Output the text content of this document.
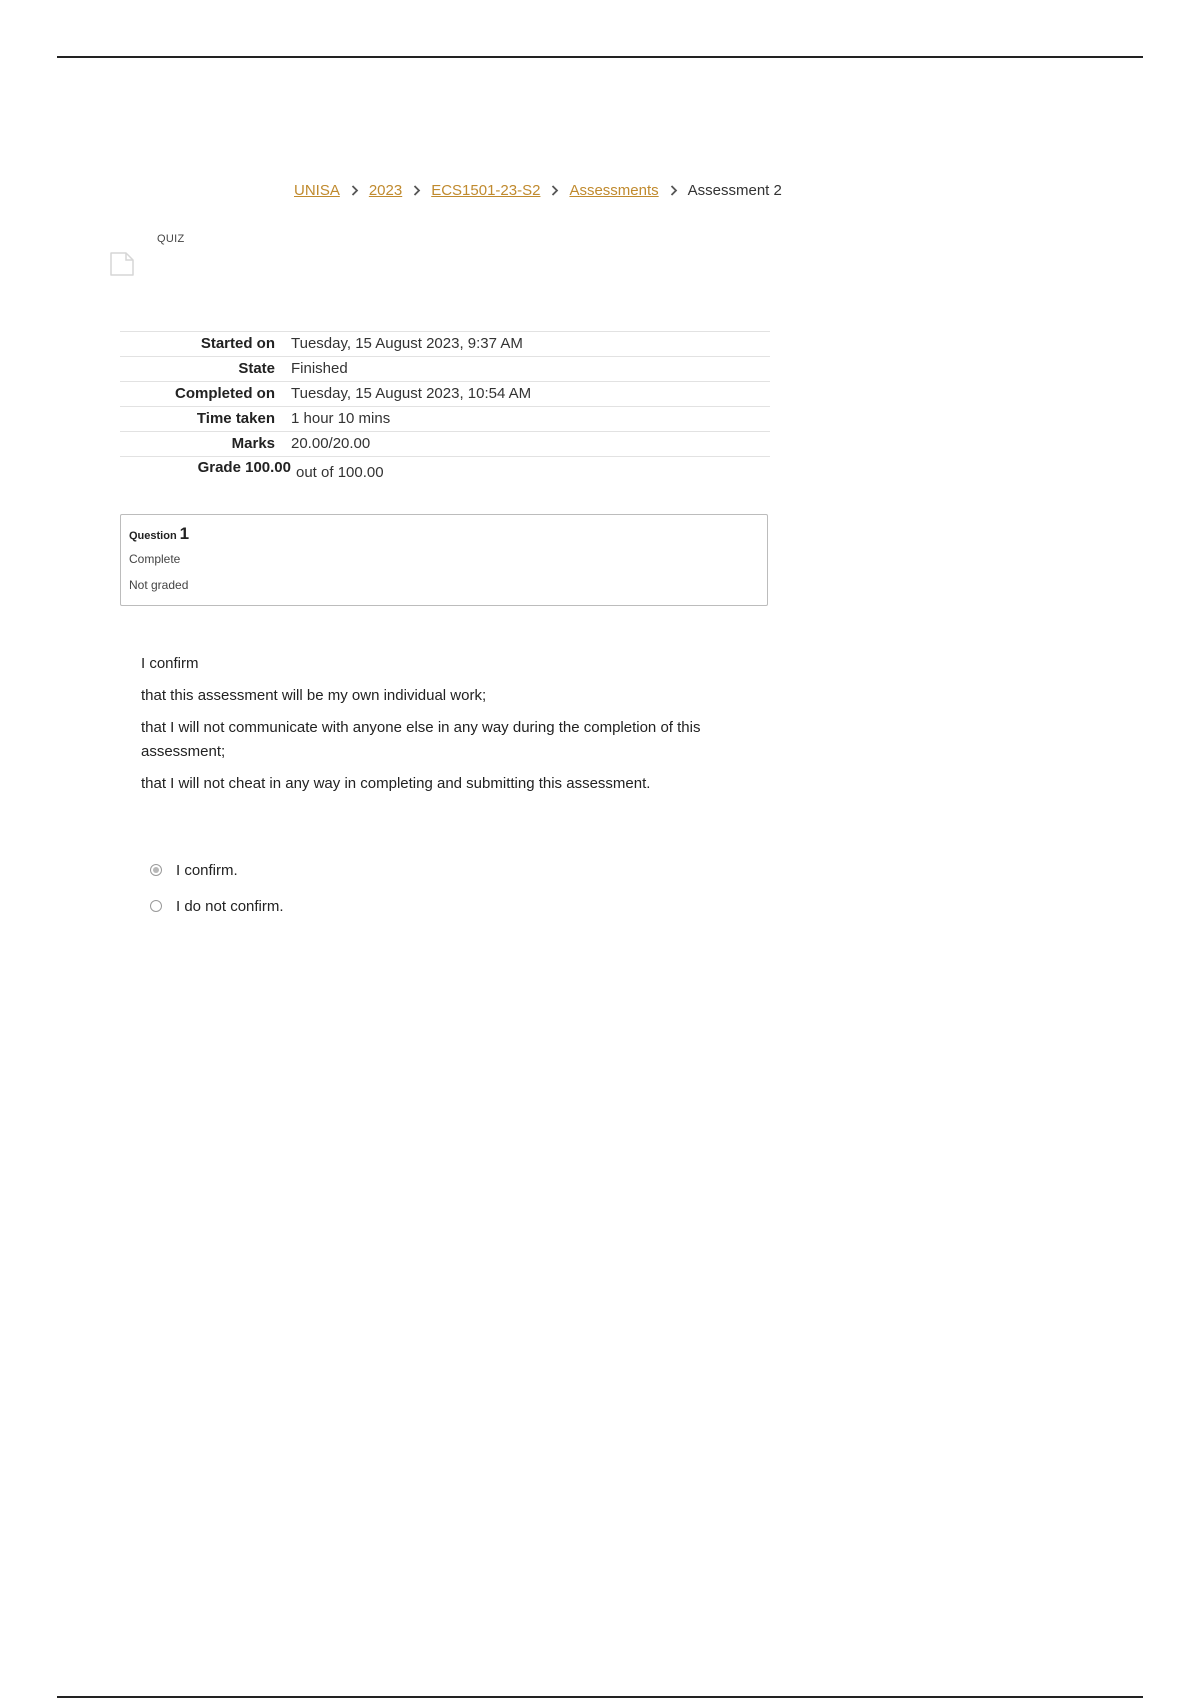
UNISA 2023 ECS1501-23-S2 Assessments Assessment 2
QUIZ
Started on	Tuesday, 15 August 2023, 9:37 AM
State	Finished
Completed on	Tuesday, 15 August 2023, 10:54 AM
Time taken	1 hour 10 mins
Marks	20.00/20.00
Grade 100.00	out of 100.00
Question 1
Complete
Not graded

I confirm

that this assessment will be my own individual work;

that I will not communicate with anyone else in any way during the completion of this assessment;

that I will not cheat in any way in completing and submitting this assessment.

I confirm.
I do not confirm.
